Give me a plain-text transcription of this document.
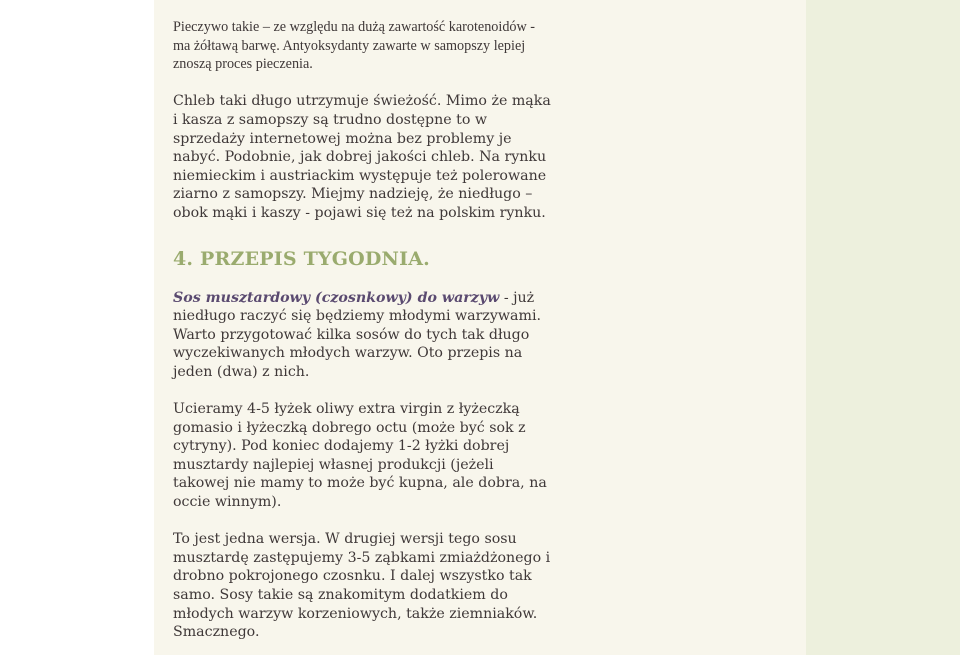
Pieczywo takie – ze względu na dużą zawartość karotenoidów - ma żółtawą barwę. Antyoksydanty zawarte w samopszy lepiej znoszą proces pieczenia.

Chleb taki długo utrzymuje świeżość. Mimo że mąka i kasza z samopszy są trudno dostępne to w sprzedaży internetowej można bez problemy je nabyć. Podobnie, jak dobrej jakości chleb. Na rynku niemieckim i austriackim występuje też polerowane ziarno z samopszy. Miejmy nadzieję, że niedługo – obok mąki i kaszy - pojawi się też na polskim rynku.

4. PRZEPIS TYGODNIA.

Sos musztardowy (czosnkowy) do warzyw - już niedługo raczyć się będziemy młodymi warzywami. Warto przygotować kilka sosów do tych tak długo wyczekiwanych młodych warzyw. Oto przepis na jeden (dwa) z nich.

Ucieramy 4-5 łyżek oliwy extra virgin z łyżeczką gomasio i łyżeczką dobrego octu (może być sok z cytryny). Pod koniec dodajemy 1-2 łyżki dobrej musztardy najlepiej własnej produkcji (jeżeli takowej nie mamy to może być kupna, ale dobra, na occie winnym).

To jest jedna wersja. W drugiej wersji tego sosu musztardę zastępujemy 3-5 ząbkami zmiażdżonego i drobno pokrojonego czosnku. I dalej wszystko tak samo. Sosy takie są znakomitym dodatkiem do młodych warzyw korzeniowych, także ziemniaków. Smacznego.
